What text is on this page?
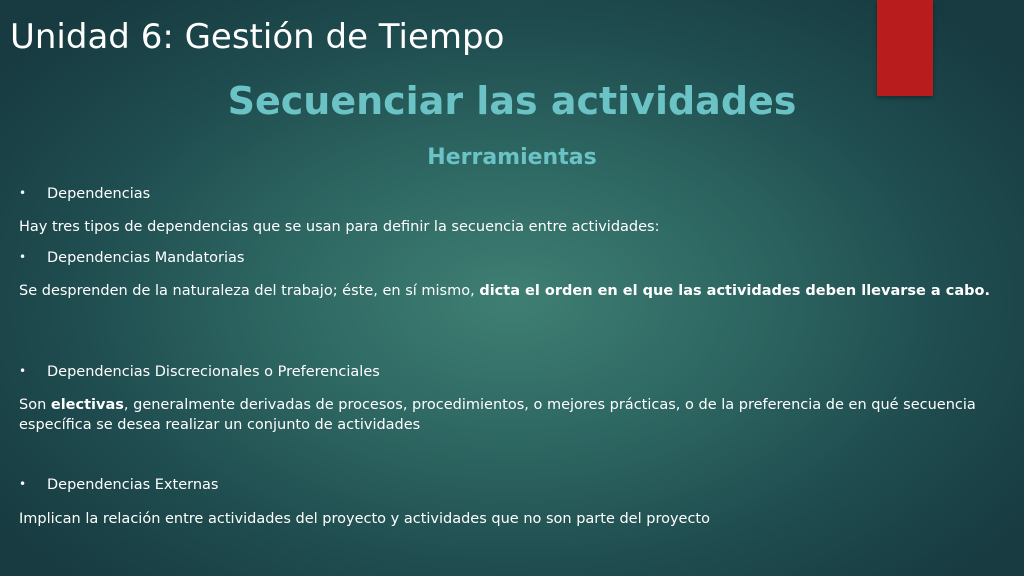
Unidad 6: Gestión de Tiempo
Secuenciar las actividades
Herramientas
• Dependencias
Hay tres tipos de dependencias que se usan para definir la secuencia entre actividades:
• Dependencias Mandatorias
Se desprenden de la naturaleza del trabajo; éste, en sí mismo, dicta el orden en el que las actividades deben llevarse a cabo.
• Dependencias Discrecionales o Preferenciales
Son electivas, generalmente derivadas de procesos, procedimientos, o mejores prácticas, o de la preferencia de en qué secuencia específica se desea realizar un conjunto de actividades
• Dependencias Externas
Implican la relación entre actividades del proyecto y actividades que no son parte del proyecto
